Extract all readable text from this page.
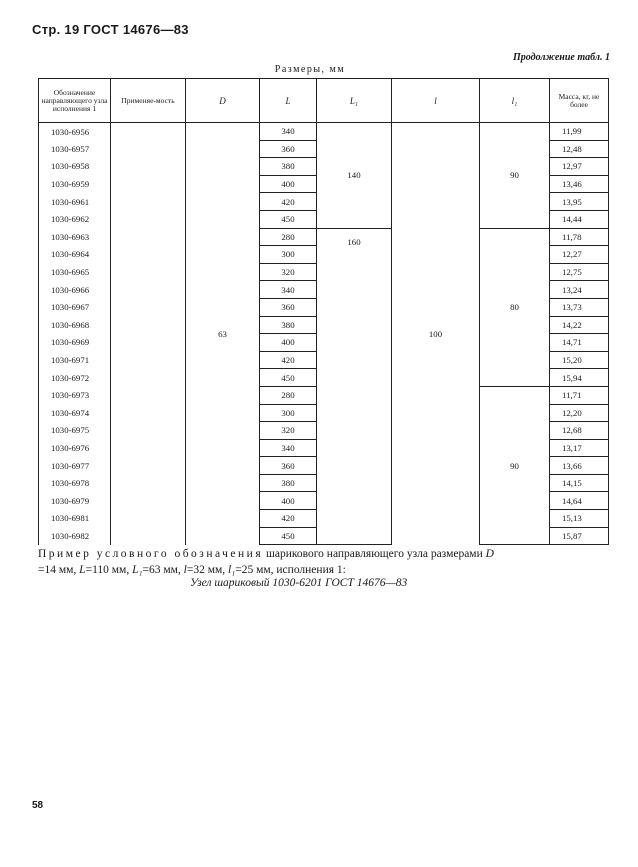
Стр. 19 ГОСТ 14676—83
Продолжение табл. 1
Размеры, мм
Обозначение направляющего узла исполнения 1	Применяе-мость	D	L	L₁	l	l₁	Масса, кг, не более
1030-6956		63	340	140	100	90	11,99
1030-6957			360				12,48
1030-6958			380				12,97
1030-6959			400				13,46
1030-6961			420				13,95
1030-6962			450				14,44
1030-6963			280	160		80	11,78
1030-6964			300				12,27
1030-6965			320				12,75
1030-6966			340				13,24
1030-6967			360				13,73
1030-6968			380				14,22
1030-6969			400				14,71
1030-6971			420				15,20
1030-6972			450				15,94
1030-6973			280			90	11,71
1030-6974			300				12,20
1030-6975			320				12,68
1030-6976			340				13,17
1030-6977			360				13,66
1030-6978			380				14,15
1030-6979			400				14,64
1030-6981			420				15,13
1030-6982			450				15,87
Пример условного обозначения шарикового направляющего узла размерами D
=14 мм, L=110 мм, L₁=63 мм, l=32 мм, l₁=25 мм, исполнения 1:
Узел шариковый 1030-6201 ГОСТ 14676—83
58
